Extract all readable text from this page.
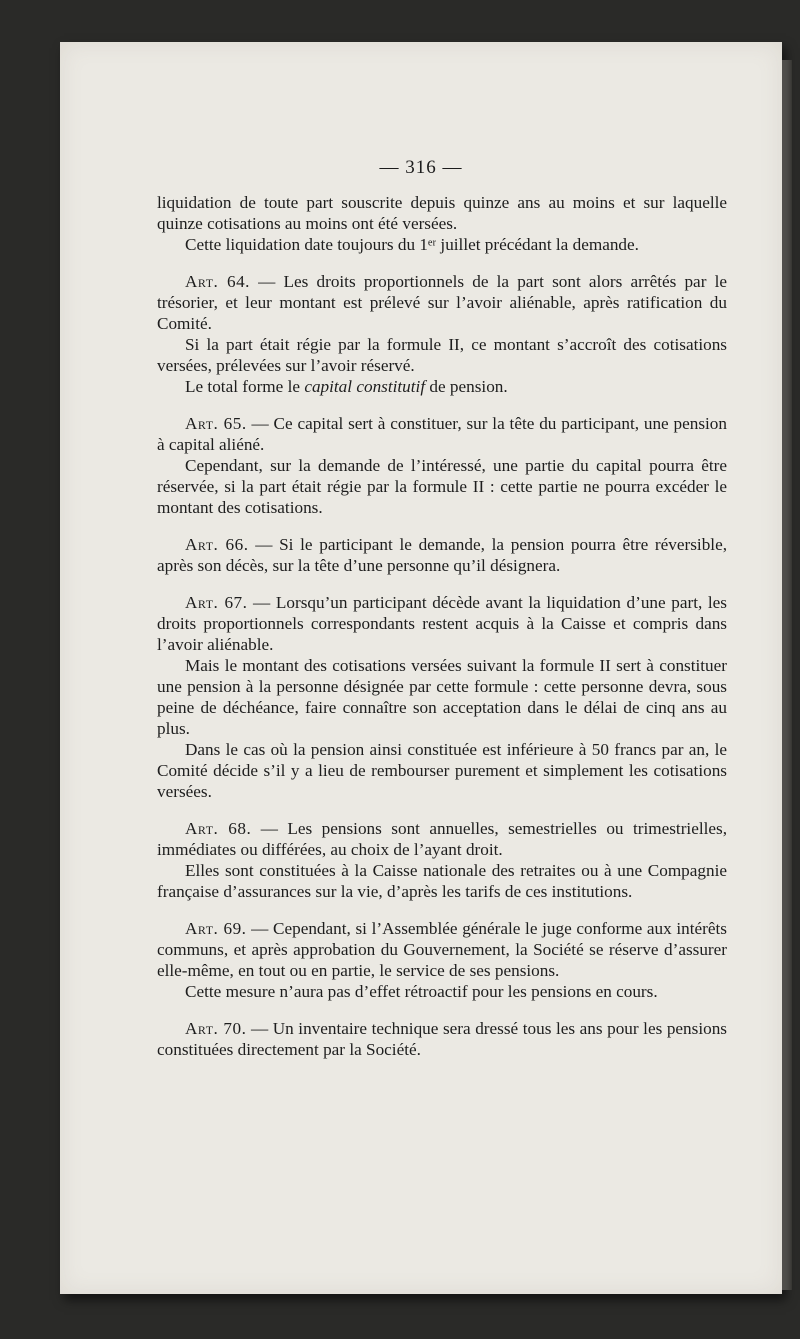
— 316 —

liquidation de toute part souscrite depuis quinze ans au moins et sur laquelle quinze cotisations au moins ont été versées.

Cette liquidation date toujours du 1ᵉʳ juillet précédant la demande.

Art. 64. — Les droits proportionnels de la part sont alors arrêtés par le trésorier, et leur montant est prélevé sur l’avoir aliénable, après ratification du Comité.

Si la part était régie par la formule II, ce montant s’accroît des cotisations versées, prélevées sur l’avoir réservé.

Le total forme le capital constitutif de pension.

Art. 65. — Ce capital sert à constituer, sur la tête du participant, une pension à capital aliéné.

Cependant, sur la demande de l’intéressé, une partie du capital pourra être réservée, si la part était régie par la formule II : cette partie ne pourra excéder le montant des cotisations.

Art. 66. — Si le participant le demande, la pension pourra être réversible, après son décès, sur la tête d’une personne qu’il désignera.

Art. 67. — Lorsqu’un participant décède avant la liquidation d’une part, les droits proportionnels correspondants restent acquis à la Caisse et compris dans l’avoir aliénable.

Mais le montant des cotisations versées suivant la formule II sert à constituer une pension à la personne désignée par cette formule : cette personne devra, sous peine de déchéance, faire connaître son acceptation dans le délai de cinq ans au plus.

Dans le cas où la pension ainsi constituée est inférieure à 50 francs par an, le Comité décide s’il y a lieu de rembourser purement et simplement les cotisations versées.

Art. 68. — Les pensions sont annuelles, semestrielles ou trimestrielles, immédiates ou différées, au choix de l’ayant droit.

Elles sont constituées à la Caisse nationale des retraites ou à une Compagnie française d’assurances sur la vie, d’après les tarifs de ces institutions.

Art. 69. — Cependant, si l’Assemblée générale le juge conforme aux intérêts communs, et après approbation du Gouvernement, la Société se réserve d’assurer elle-même, en tout ou en partie, le service de ses pensions.

Cette mesure n’aura pas d’effet rétroactif pour les pensions en cours.

Art. 70. — Un inventaire technique sera dressé tous les ans pour les pensions constituées directement par la Société.
